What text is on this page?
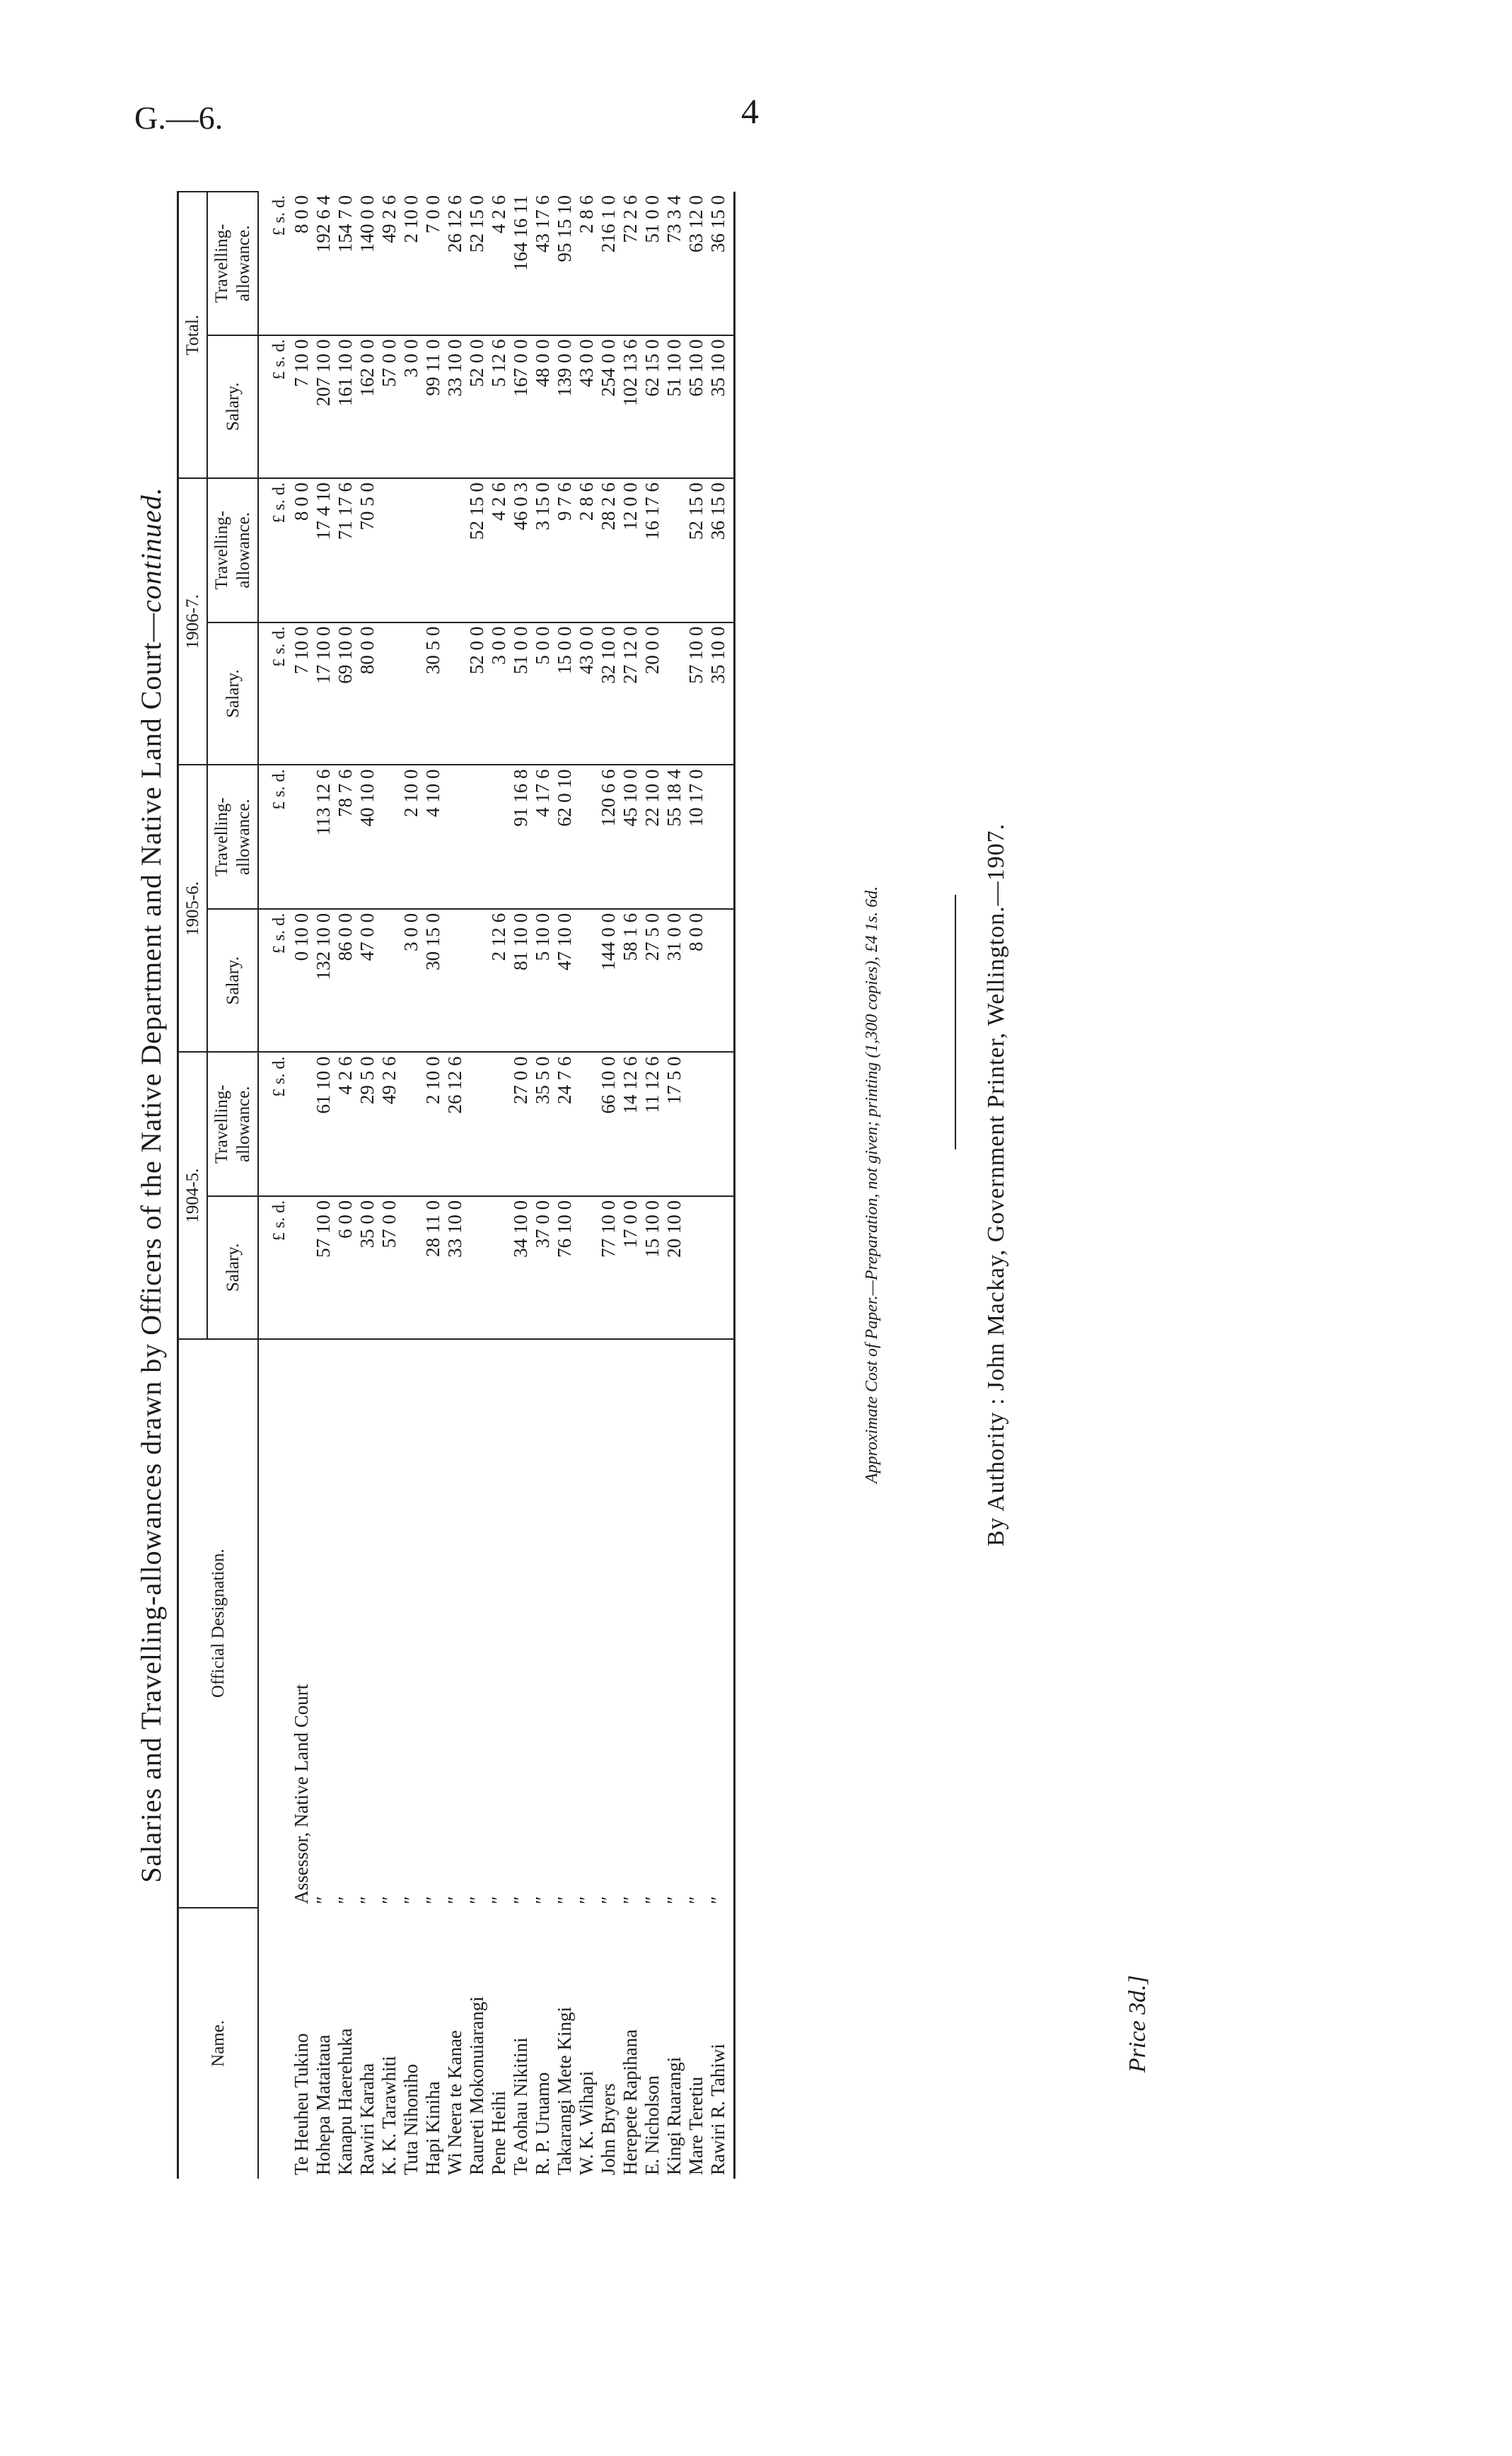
G.—6.	4
Salaries and Travelling-allowances drawn by Officers of the Native Department and Native Land Court—continued.
Name.	Official Designation.	1904-5.		1905-6.		1906-7.		Total.	
		Salary.	Travelling-allowance.	Salary.	Travelling-allowance.	Salary.	Travelling-allowance.	Salary.	Travelling-allowance.
		£ s. d.	£ s. d.	£ s. d.	£ s. d.	£ s. d.	£ s. d.	£ s. d.	£ s. d.
Te Heuheu Tukino	Assessor, Native Land Court			0 10 0		7 10 0	8 0 0	7 10 0	8 0 0
Hohepa Mataitaua	″	57 10 0	61 10 0	132 10 0	113 12 6	17 10 0	17 4 10	207 10 0	192 6 4
Kanapu Haerehuka	″	6 0 0	4 2 6	86 0 0	78 7 6	69 10 0	71 17 6	161 10 0	154 7 0
Rawiri Karaha	″	35 0 0	29 5 0	47 0 0	40 10 0	80 0 0	70 5 0	162 0 0	140 0 0
K. K. Tarawhiti	″	57 0 0	49 2 6					57 0 0	49 2 6
Tuta Nihoniho	″			3 0 0	2 10 0			3 0 0	2 10 0
Hapi Kiniha	″	28 11 0	2 10 0	30 15 0	4 10 0	30 5 0		99 11 0	7 0 0
Wi Neera te Kanae	″	33 10 0	26 12 6					33 10 0	26 12 6
Raureti Mokonuiarangi	″					52 0 0	52 15 0	52 0 0	52 15 0
Pene Heihi	″			2 12 6		3 0 0	4 2 6	5 12 6	4 2 6
Te Aohau Nikitini	″	34 10 0	27 0 0	81 10 0	91 16 8	51 0 0	46 0 3	167 0 0	164 16 11
R. P. Uruamo	″	37 0 0	35 5 0	5 10 0	4 17 6	5 0 0	3 15 0	48 0 0	43 17 6
Takarangi Mete Kingi	″	76 10 0	24 7 6	47 10 0	62 0 10	15 0 0	9 7 6	139 0 0	95 15 10
W. K. Wihapi	″					43 0 0	2 8 6	43 0 0	2 8 6
John Bryers	″	77 10 0	66 10 0	144 0 0	120 6 6	32 10 0	28 2 6	254 0 0	216 1 0
Herepete Rapihana	″	17 0 0	14 12 6	58 1 6	45 10 0	27 12 0	12 0 0	102 13 6	72 2 6
E. Nicholson	″	15 10 0	11 12 6	27 5 0	22 10 0	20 0 0	16 17 6	62 15 0	51 0 0
Kingi Ruarangi	″	20 10 0	17 5 0	31 0 0	55 18 4			51 10 0	73 3 4
Mare Teretiu	″			8 0 0	10 17 0	57 10 0	52 15 0	65 10 0	63 12 0
Rawiri R. Tahiwi	″					35 10 0	36 15 0	35 10 0	36 15 0
Approximate Cost of Paper.—Preparation, not given; printing (1,300 copies), £4 1s. 6d.	By Authority : John Mackay, Government Printer, Wellington.—1907.
Price 3d.]
